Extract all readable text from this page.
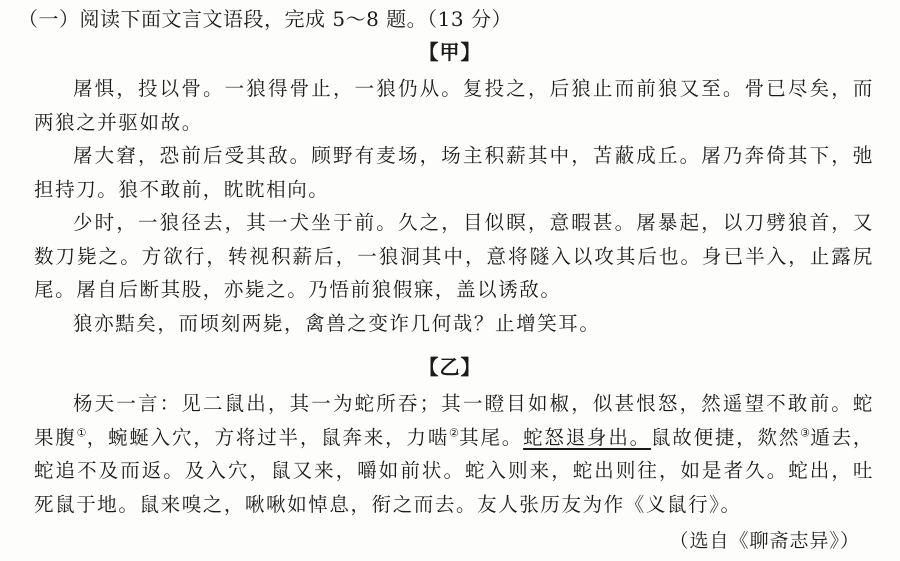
（一）阅读下面文言文语段，完成 5～8 题。（13 分）
【甲】

屠惧，投以骨。一狼得骨止，一狼仍从。复投之，后狼止而前狼又至。骨已尽矣，而两狼之并驱如故。

屠大窘，恐前后受其敌。顾野有麦场，场主积薪其中，苫蔽成丘。屠乃奔倚其下，弛担持刀。狼不敢前，眈眈相向。

少时，一狼径去，其一犬坐于前。久之，目似瞑，意暇甚。屠暴起，以刀劈狼首，又数刀毙之。方欲行，转视积薪后，一狼洞其中，意将隧入以攻其后也。身已半入，止露尻尾。屠自后断其股，亦毙之。乃悟前狼假寐，盖以诱敌。

狼亦黠矣，而顷刻两毙，禽兽之变诈几何哉？止增笑耳。

【乙】

杨天一言：见二鼠出，其一为蛇所吞；其一瞪目如椒，似甚恨怒，然遥望不敢前。蛇果腹①，蜿蜒入穴，方将过半，鼠奔来，力啮②其尾。蛇怒退身出。鼠故便捷，欻然③遁去，蛇追不及而返。及入穴，鼠又来，嚼如前状。蛇入则来，蛇出则往，如是者久。蛇出，吐死鼠于地。鼠来嗅之，啾啾如悼息，衔之而去。友人张历友为作《义鼠行》。

（选自《聊斋志异》）
